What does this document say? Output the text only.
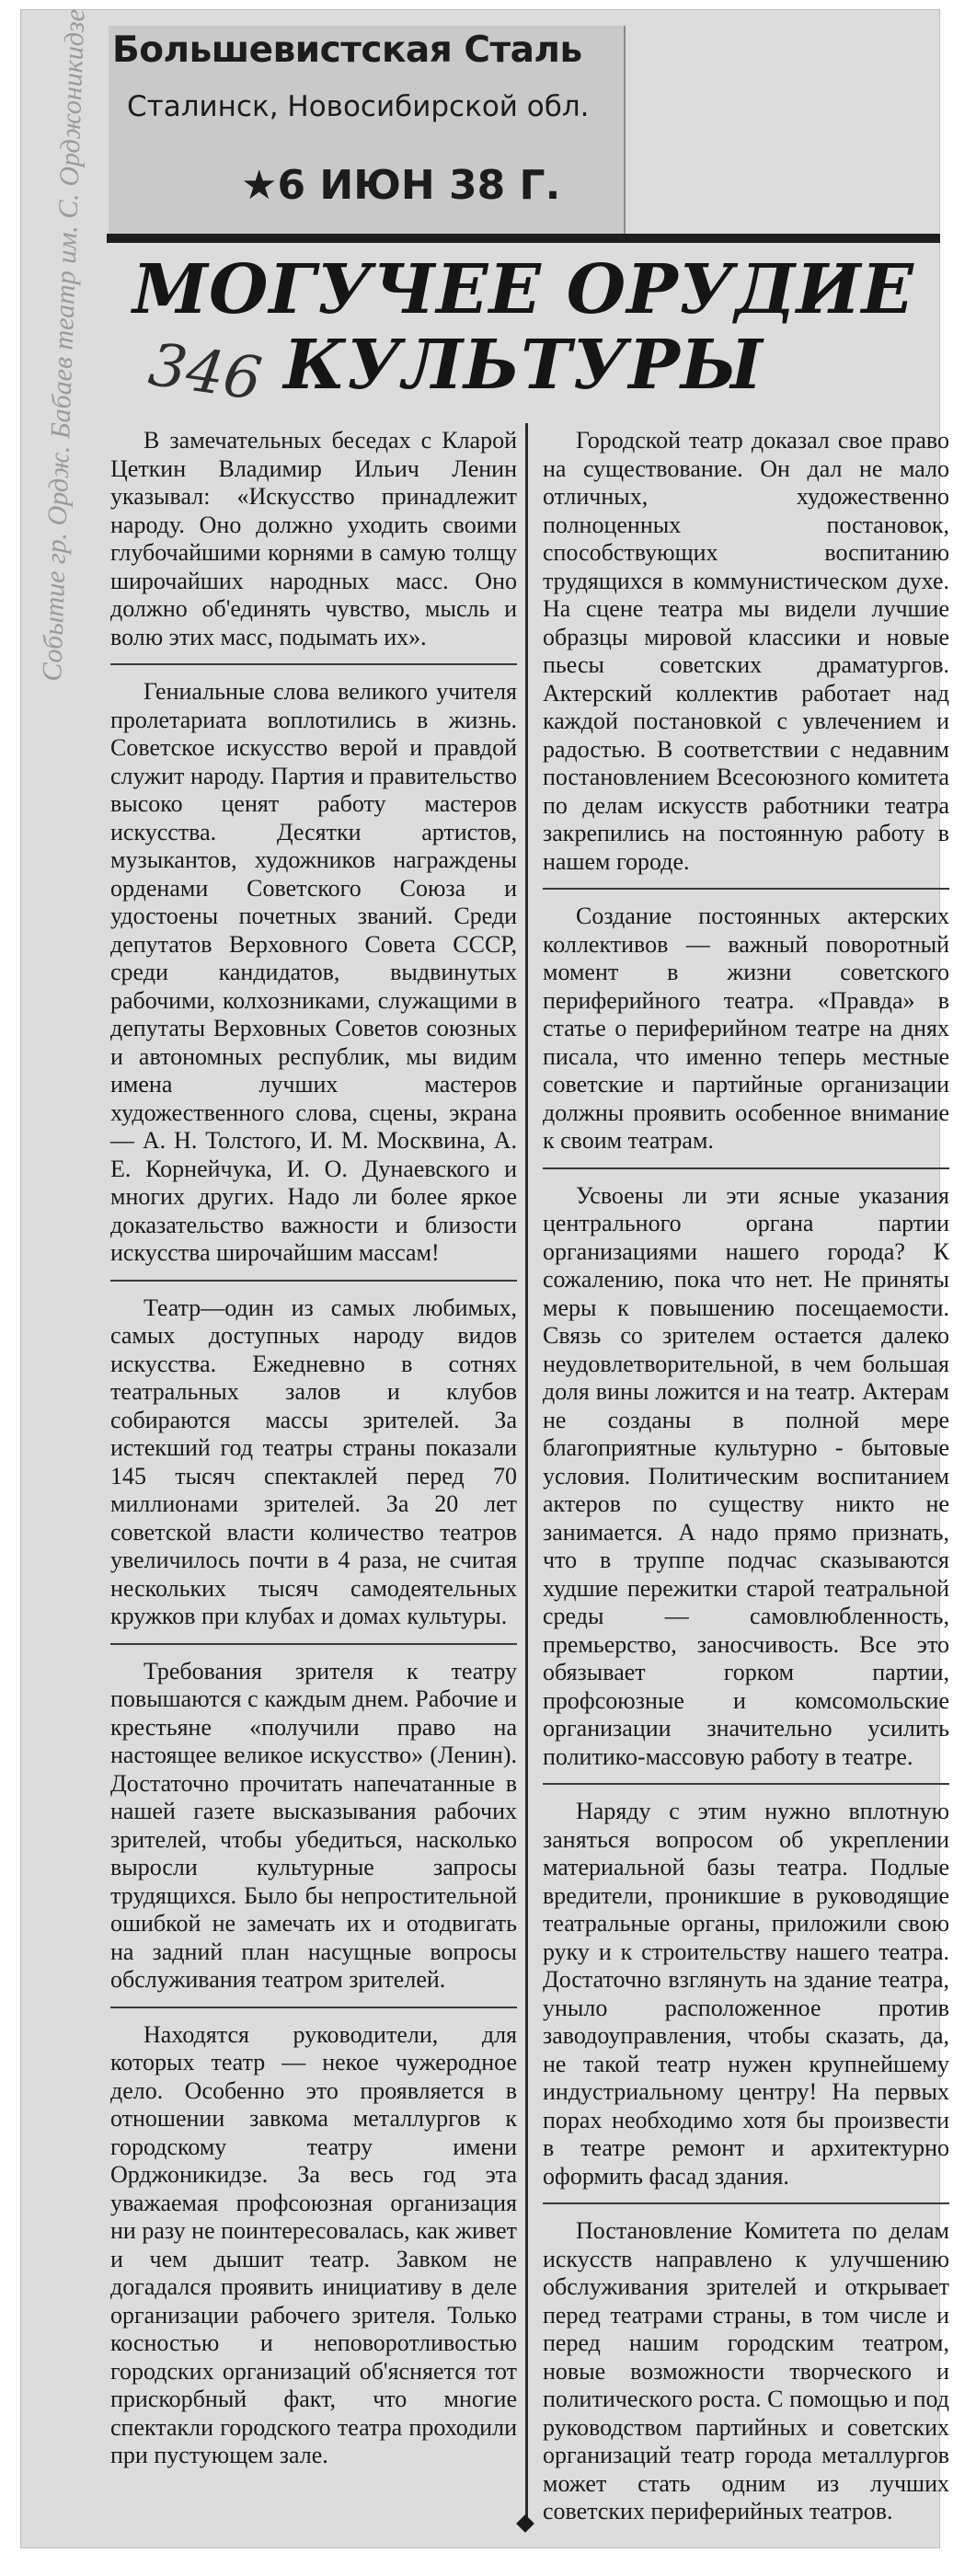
Большевистская Сталь
Сталинск, Новосибирской обл.
★6 ИЮН 38 Г.
Событие гр. Ордж. Бабаев театр им. С. Орджоникидзе МОГУЧЕЕ ОРУДИЕ
КУЛЬТУРЫ
346

В замечательных беседах с Кларой Цеткин Владимир Ильич Ленин указывал: «Искусство принадлежит народу. Оно должно уходить своими глубочайшими корнями в самую толщу широчайших народных масс. Оно должно об'единять чувство, мысль и волю этих масс, подымать их».

Гениальные слова великого учителя пролетариата воплотились в жизнь. Советское искусство верой и правдой служит народу. Партия и правительство высоко ценят работу мастеров искусства. Десятки артистов, музыкантов, художников награждены орденами Советского Союза и удостоены почетных званий. Среди депутатов Верховного Совета СССР, среди кандидатов, выдвинутых рабочими, колхозниками, служащими в депутаты Верховных Советов союзных и автономных республик, мы видим имена лучших мастеров художественного слова, сцены, экрана — А. Н. Толстого, И. М. Москвина, А. Е. Корнейчука, И. О. Дунаевского и многих других. Надо ли более яркое доказательство важности и близости искусства широчайшим массам!

Театр—один из самых любимых, самых доступных народу видов искусства. Ежедневно в сотнях театральных залов и клубов собираются массы зрителей. За истекший год театры страны показали 145 тысяч спектаклей перед 70 миллионами зрителей. За 20 лет советской власти количество театров увеличилось почти в 4 раза, не считая нескольких тысяч самодеятельных кружков при клубах и домах культуры.

Требования зрителя к театру повышаются с каждым днем. Рабочие и крестьяне «получили право на настоящее великое искусство» (Ленин). Достаточно прочитать напечатанные в нашей газете высказывания рабочих зрителей, чтобы убедиться, насколько выросли культурные запросы трудящихся. Было бы непростительной ошибкой не замечать их и отодвигать на задний план насущные вопросы обслуживания театром зрителей.

Находятся руководители, для которых театр — некое чужеродное дело. Особенно это проявляется в отношении завкома металлургов к городскому театру имени Орджоникидзе. За весь год эта уважаемая профсоюзная организация ни разу не поинтересовалась, как живет и чем дышит театр. Завком не догадался проявить инициативу в деле организации рабочего зрителя. Только косностью и неповоротливостью городских организаций об'ясняется тот прискорбный факт, что многие спектакли городского театра проходили при пустующем зале.

Городской театр доказал свое право на существование. Он дал не мало отличных, художественно полноценных постановок, способствующих воспитанию трудящихся в коммунистическом духе. На сцене театра мы видели лучшие образцы мировой классики и новые пьесы советских драматургов. Актерский коллектив работает над каждой постановкой с увлечением и радостью. В соответствии с недавним постановлением Всесоюзного комитета по делам искусств работники театра закрепились на постоянную работу в нашем городе.

Создание постоянных актерских коллективов — важный поворотный момент в жизни советского периферийного театра. «Правда» в статье о периферийном театре на днях писала, что именно теперь местные советские и партийные организации должны проявить особенное внимание к своим театрам.

Усвоены ли эти ясные указания центрального органа партии организациями нашего города? К сожалению, пока что нет. Не приняты меры к повышению посещаемости. Связь со зрителем остается далеко неудовлетворительной, в чем большая доля вины ложится и на театр. Актерам не созданы в полной мере благоприятные культурно - бытовые условия. Политическим воспитанием актеров по существу никто не занимается. А надо прямо признать, что в труппе подчас сказываются худшие пережитки старой театральной среды — самовлюбленность, премьерство, заносчивость. Все это обязывает горком партии, профсоюзные и комсомольские организации значительно усилить политико-массовую работу в театре.

Наряду с этим нужно вплотную заняться вопросом об укреплении материальной базы театра. Подлые вредители, проникшие в руководящие театральные органы, приложили свою руку и к строительству нашего театра. Достаточно взглянуть на здание театра, уныло расположенное против заводоуправления, чтобы сказать, да, не такой театр нужен крупнейшему индустриальному центру! На первых порах необходимо хотя бы произвести в театре ремонт и архитектурно оформить фасад здания.

Постановление Комитета по делам искусств направлено к улучшению обслуживания зрителей и открывает перед театрами страны, в том числе и перед нашим городским театром, новые возможности творческого и политического роста. С помощью и под руководством партийных и советских организаций театр города металлургов может стать одним из лучших советских периферийных театров.
